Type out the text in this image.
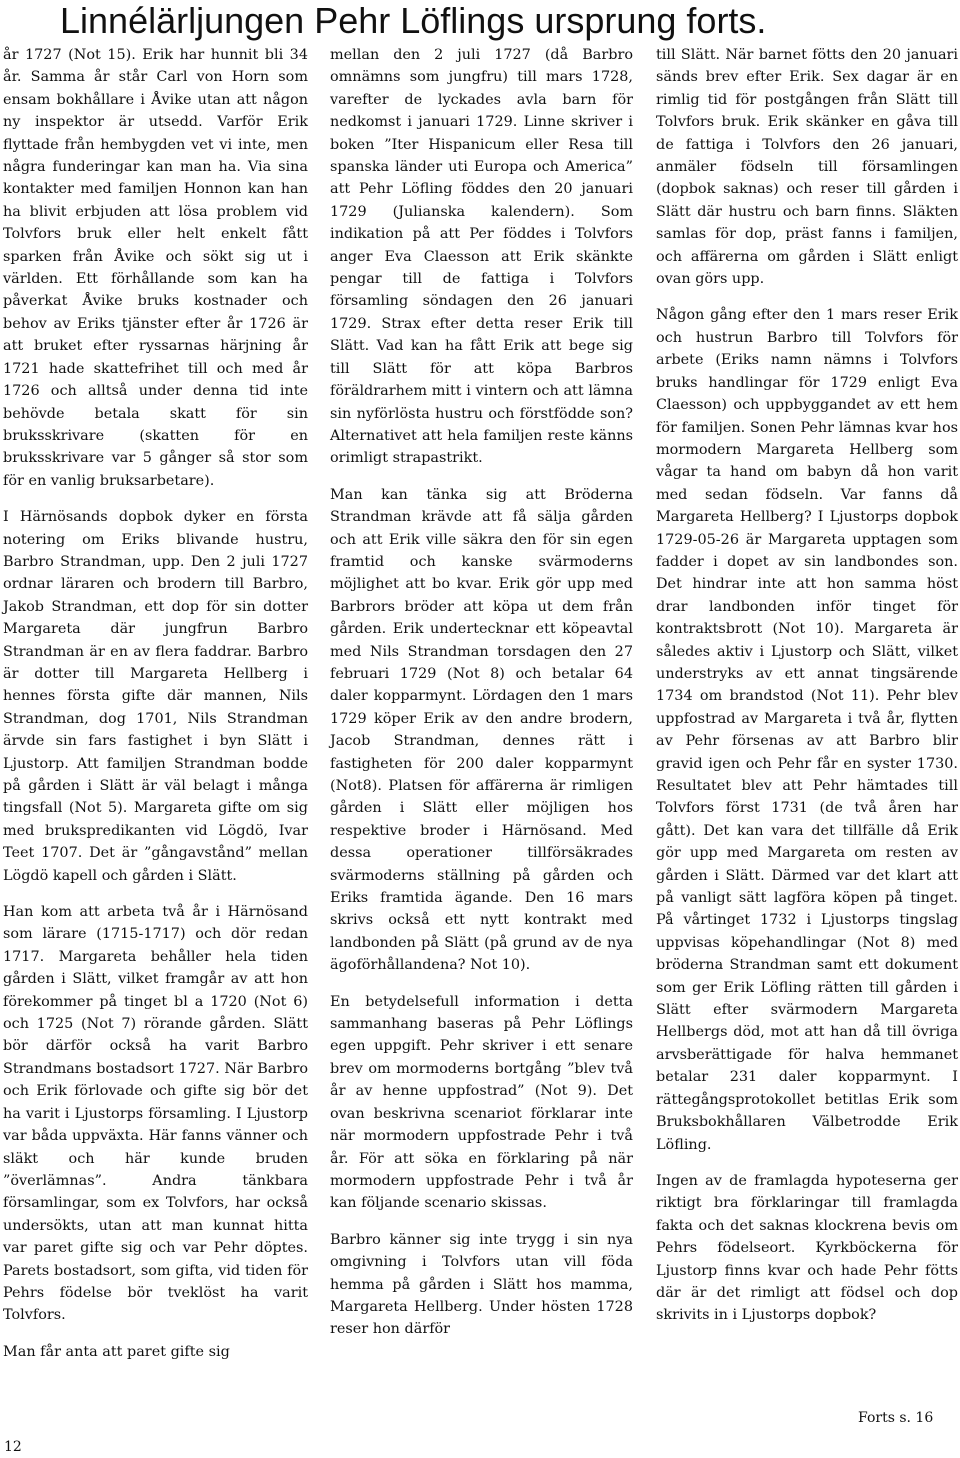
Linnélärljungen Pehr Löflings ursprung forts.

år 1727 (Not 15). Erik har hunnit bli 34 år. Samma år står Carl von Horn som ensam bokhållare i Åvike utan att någon ny inspektor är utsedd. Varför Erik flyttade från hembygden vet vi inte, men några funderingar kan man ha. Via sina kontakter med familjen Honnon kan han ha blivit erbjuden att lösa problem vid Tolvfors bruk eller helt enkelt fått sparken från Åvike och sökt sig ut i världen. Ett förhållande som kan ha påverkat Åvike bruks kostnader och behov av Eriks tjänster efter år 1726 är att bruket efter ryssarnas härjning år 1721 hade skattefrihet till och med år 1726 och alltså under denna tid inte behövde betala skatt för sin bruksskrivare (skatten för en bruksskrivare var 5 gånger så stor som för en vanlig bruksarbetare).

I Härnösands dopbok dyker en första notering om Eriks blivande hustru, Barbro Strandman, upp. Den 2 juli 1727 ordnar läraren och brodern till Barbro, Jakob Strandman, ett dop för sin dotter Margareta där jungfrun Barbro Strandman är en av flera faddrar. Barbro är dotter till Margareta Hellberg i hennes första gifte där mannen, Nils Strandman, dog 1701, Nils Strandman ärvde sin fars fastighet i byn Slätt i Ljustorp. Att familjen Strandman bodde på gården i Slätt är väl belagt i många tingsfall (Not 5). Margareta gifte om sig med brukspredikanten vid Lögdö, Ivar Teet 1707. Det är ”gångavstånd” mellan Lögdö kapell och gården i Slätt.

Han kom att arbeta två år i Härnösand som lärare (1715-1717) och dör redan 1717. Margareta behåller hela tiden gården i Slätt, vilket framgår av att hon förekommer på tinget bl a 1720 (Not 6) och 1725 (Not 7) rörande gården. Slätt bör därför också ha varit Barbro Strandmans bostadsort 1727. När Barbro och Erik förlovade och gifte sig bör det ha varit i Ljustorps församling. I Ljustorp var båda uppväxta. Här fanns vänner och släkt och här kunde bruden ”överlämnas”. Andra tänkbara församlingar, som ex Tolvfors, har också undersökts, utan att man kunnat hitta var paret gifte sig och var Pehr döptes. Parets bostadsort, som gifta, vid tiden för Pehrs födelse bör tveklöst ha varit Tolvfors.

Man får anta att paret gifte sig

mellan den 2 juli 1727 (då Barbro omnämns som jungfru) till mars 1728, varefter de lyckades avla barn för nedkomst i januari 1729. Linne skriver i boken ”Iter Hispanicum eller Resa till spanska länder uti Europa och America” att Pehr Löfling föddes den 20 januari 1729 (Julianska kalendern). Som indikation på att Per föddes i Tolvfors anger Eva Claesson att Erik skänkte pengar till de fattiga i Tolvfors församling söndagen den 26 januari 1729. Strax efter detta reser Erik till Slätt. Vad kan ha fått Erik att bege sig till Slätt för att köpa Barbros föräldrarhem mitt i vintern och att lämna sin nyförlösta hustru och förstfödde son? Alternativet att hela familjen reste känns orimligt strapastrikt.

Man kan tänka sig att Bröderna Strandman krävde att få sälja gården och att Erik ville säkra den för sin egen framtid och kanske svärmoderns möjlighet att bo kvar. Erik gör upp med Barbrors bröder att köpa ut dem från gården. Erik undertecknar ett köpeavtal med Nils Strandman torsdagen den 27 februari 1729 (Not 8) och betalar 64 daler kopparmynt. Lördagen den 1 mars 1729 köper Erik av den andre brodern, Jacob Strandman, dennes rätt i fastigheten för 200 daler kopparmynt (Not8). Platsen för affärerna är rimligen gården i Slätt eller möjligen hos respektive broder i Härnösand. Med dessa operationer tillförsäkrades svärmoderns ställning på gården och Eriks framtida ägande. Den 16 mars skrivs också ett nytt kontrakt med landbonden på Slätt (på grund av de nya ägoförhållandena? Not 10).

En betydelsefull information i detta sammanhang baseras på Pehr Löflings egen uppgift. Pehr skriver i ett senare brev om mormoderns bortgång ”blev två år av henne uppfostrad” (Not 9). Det ovan beskrivna scenariot förklarar inte när mormodern uppfostrade Pehr i två år. För att söka en förklaring på när mormodern uppfostrade Pehr i två år kan följande scenario skissas.

Barbro känner sig inte trygg i sin nya omgivning i Tolvfors utan vill föda hemma på gården i Slätt hos mamma, Margareta Hellberg. Under hösten 1728 reser hon därför

till Slätt. När barnet fötts den 20 januari sänds brev efter Erik. Sex dagar är en rimlig tid för postgången från Slätt till Tolvfors bruk. Erik skänker en gåva till de fattiga i Tolvfors den 26 januari, anmäler födseln till församlingen (dopbok saknas) och reser till gården i Slätt där hustru och barn finns. Släkten samlas för dop, präst fanns i familjen, och affärerna om gården i Slätt enligt ovan görs upp.

Någon gång efter den 1 mars reser Erik och hustrun Barbro till Tolvfors för arbete (Eriks namn nämns i Tolvfors bruks handlingar för 1729 enligt Eva Claesson) och uppbyggandet av ett hem för familjen. Sonen Pehr lämnas kvar hos mormodern Margareta Hellberg som vågar ta hand om babyn då hon varit med sedan födseln. Var fanns då Margareta Hellberg? I Ljustorps dopbok 1729-05-26 är Margareta upptagen som fadder i dopet av sin landbondes son. Det hindrar inte att hon samma höst drar landbonden inför tinget för kontraktsbrott (Not 10). Margareta är således aktiv i Ljustorp och Slätt, vilket understryks av ett annat tingsärende 1734 om brandstod (Not 11). Pehr blev uppfostrad av Margareta i två år, flytten av Pehr försenas av att Barbro blir gravid igen och Pehr får en syster 1730. Resultatet blev att Pehr hämtades till Tolvfors först 1731 (de två åren har gått). Det kan vara det tillfälle då Erik gör upp med Margareta om resten av gården i Slätt. Därmed var det klart att på vanligt sätt lagföra köpen på tinget. På vårtinget 1732 i Ljustorps tingslag uppvisas köpehandlingar (Not 8) med bröderna Strandman samt ett dokument som ger Erik Löfling rätten till gården i Slätt efter svärmodern Margareta Hellbergs död, mot att han då till övriga arvsberättigade för halva hemmanet betalar 231 daler kopparmynt. I rättegångsprotokollet betitlas Erik som Bruksbokhållaren Välbetrodde Erik Löfling.

Ingen av de framlagda hypoteserna ger riktigt bra förklaringar till framlagda fakta och det saknas klockrena bevis om Pehrs födelseort. Kyrkböckerna för Ljustorp finns kvar och hade Pehr fötts där är det rimligt att födsel och dop skrivits in i Ljustorps dopbok?

Forts s. 16
12
